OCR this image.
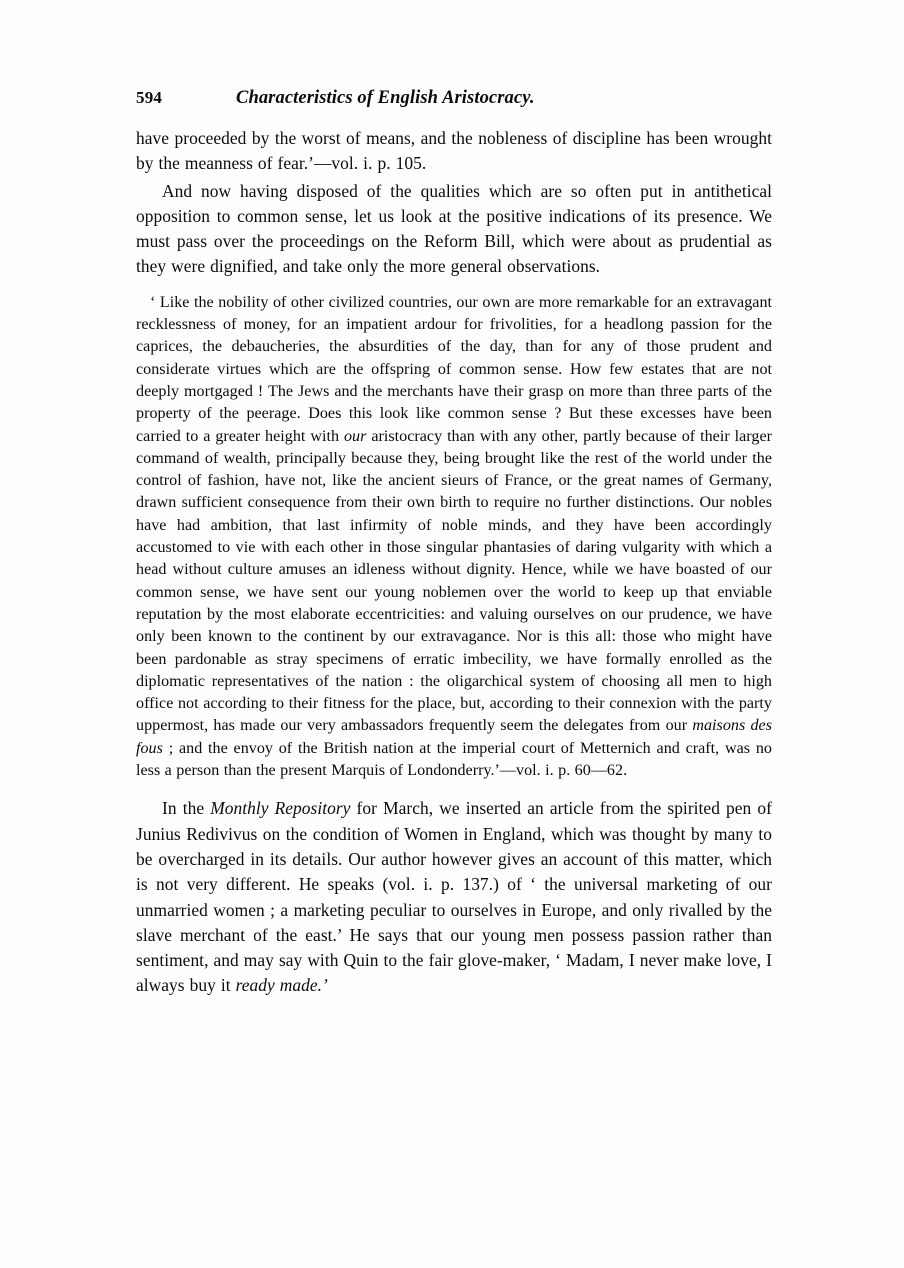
594	Characteristics of English Aristocracy.

have proceeded by the worst of means, and the nobleness of discipline has been wrought by the meanness of fear.’—vol. i. p. 105.

And now having disposed of the qualities which are so often put in antithetical opposition to common sense, let us look at the positive indications of its presence. We must pass over the proceedings on the Reform Bill, which were about as prudential as they were dignified, and take only the more general observations.

‘ Like the nobility of other civilized countries, our own are more remarkable for an extravagant recklessness of money, for an impatient ardour for frivolities, for a headlong passion for the caprices, the debaucheries, the absurdities of the day, than for any of those prudent and considerate virtues which are the offspring of common sense. How few estates that are not deeply mortgaged ! The Jews and the merchants have their grasp on more than three parts of the property of the peerage. Does this look like common sense ? But these excesses have been carried to a greater height with our aristocracy than with any other, partly because of their larger command of wealth, principally because they, being brought like the rest of the world under the control of fashion, have not, like the ancient sieurs of France, or the great names of Germany, drawn sufficient consequence from their own birth to require no further distinctions. Our nobles have had ambition, that last infirmity of noble minds, and they have been accordingly accustomed to vie with each other in those singular phantasies of daring vulgarity with which a head without culture amuses an idleness without dignity. Hence, while we have boasted of our common sense, we have sent our young noblemen over the world to keep up that enviable reputation by the most elaborate eccentricities: and valuing ourselves on our prudence, we have only been known to the continent by our extravagance. Nor is this all: those who might have been pardonable as stray specimens of erratic imbecility, we have formally enrolled as the diplomatic representatives of the nation : the oligarchical system of choosing all men to high office not according to their fitness for the place, but, according to their connexion with the party uppermost, has made our very ambassadors frequently seem the delegates from our maisons des fous ; and the envoy of the British nation at the imperial court of Metternich and craft, was no less a person than the present Marquis of Londonderry.’—vol. i. p. 60—62.

In the Monthly Repository for March, we inserted an article from the spirited pen of Junius Redivivus on the condition of Women in England, which was thought by many to be overcharged in its details. Our author however gives an account of this matter, which is not very different. He speaks (vol. i. p. 137.) of ‘ the universal marketing of our unmarried women ; a marketing peculiar to ourselves in Europe, and only rivalled by the slave merchant of the east.’ He says that our young men possess passion rather than sentiment, and may say with Quin to the fair glove-maker, ‘ Madam, I never make love, I always buy it ready made.’
